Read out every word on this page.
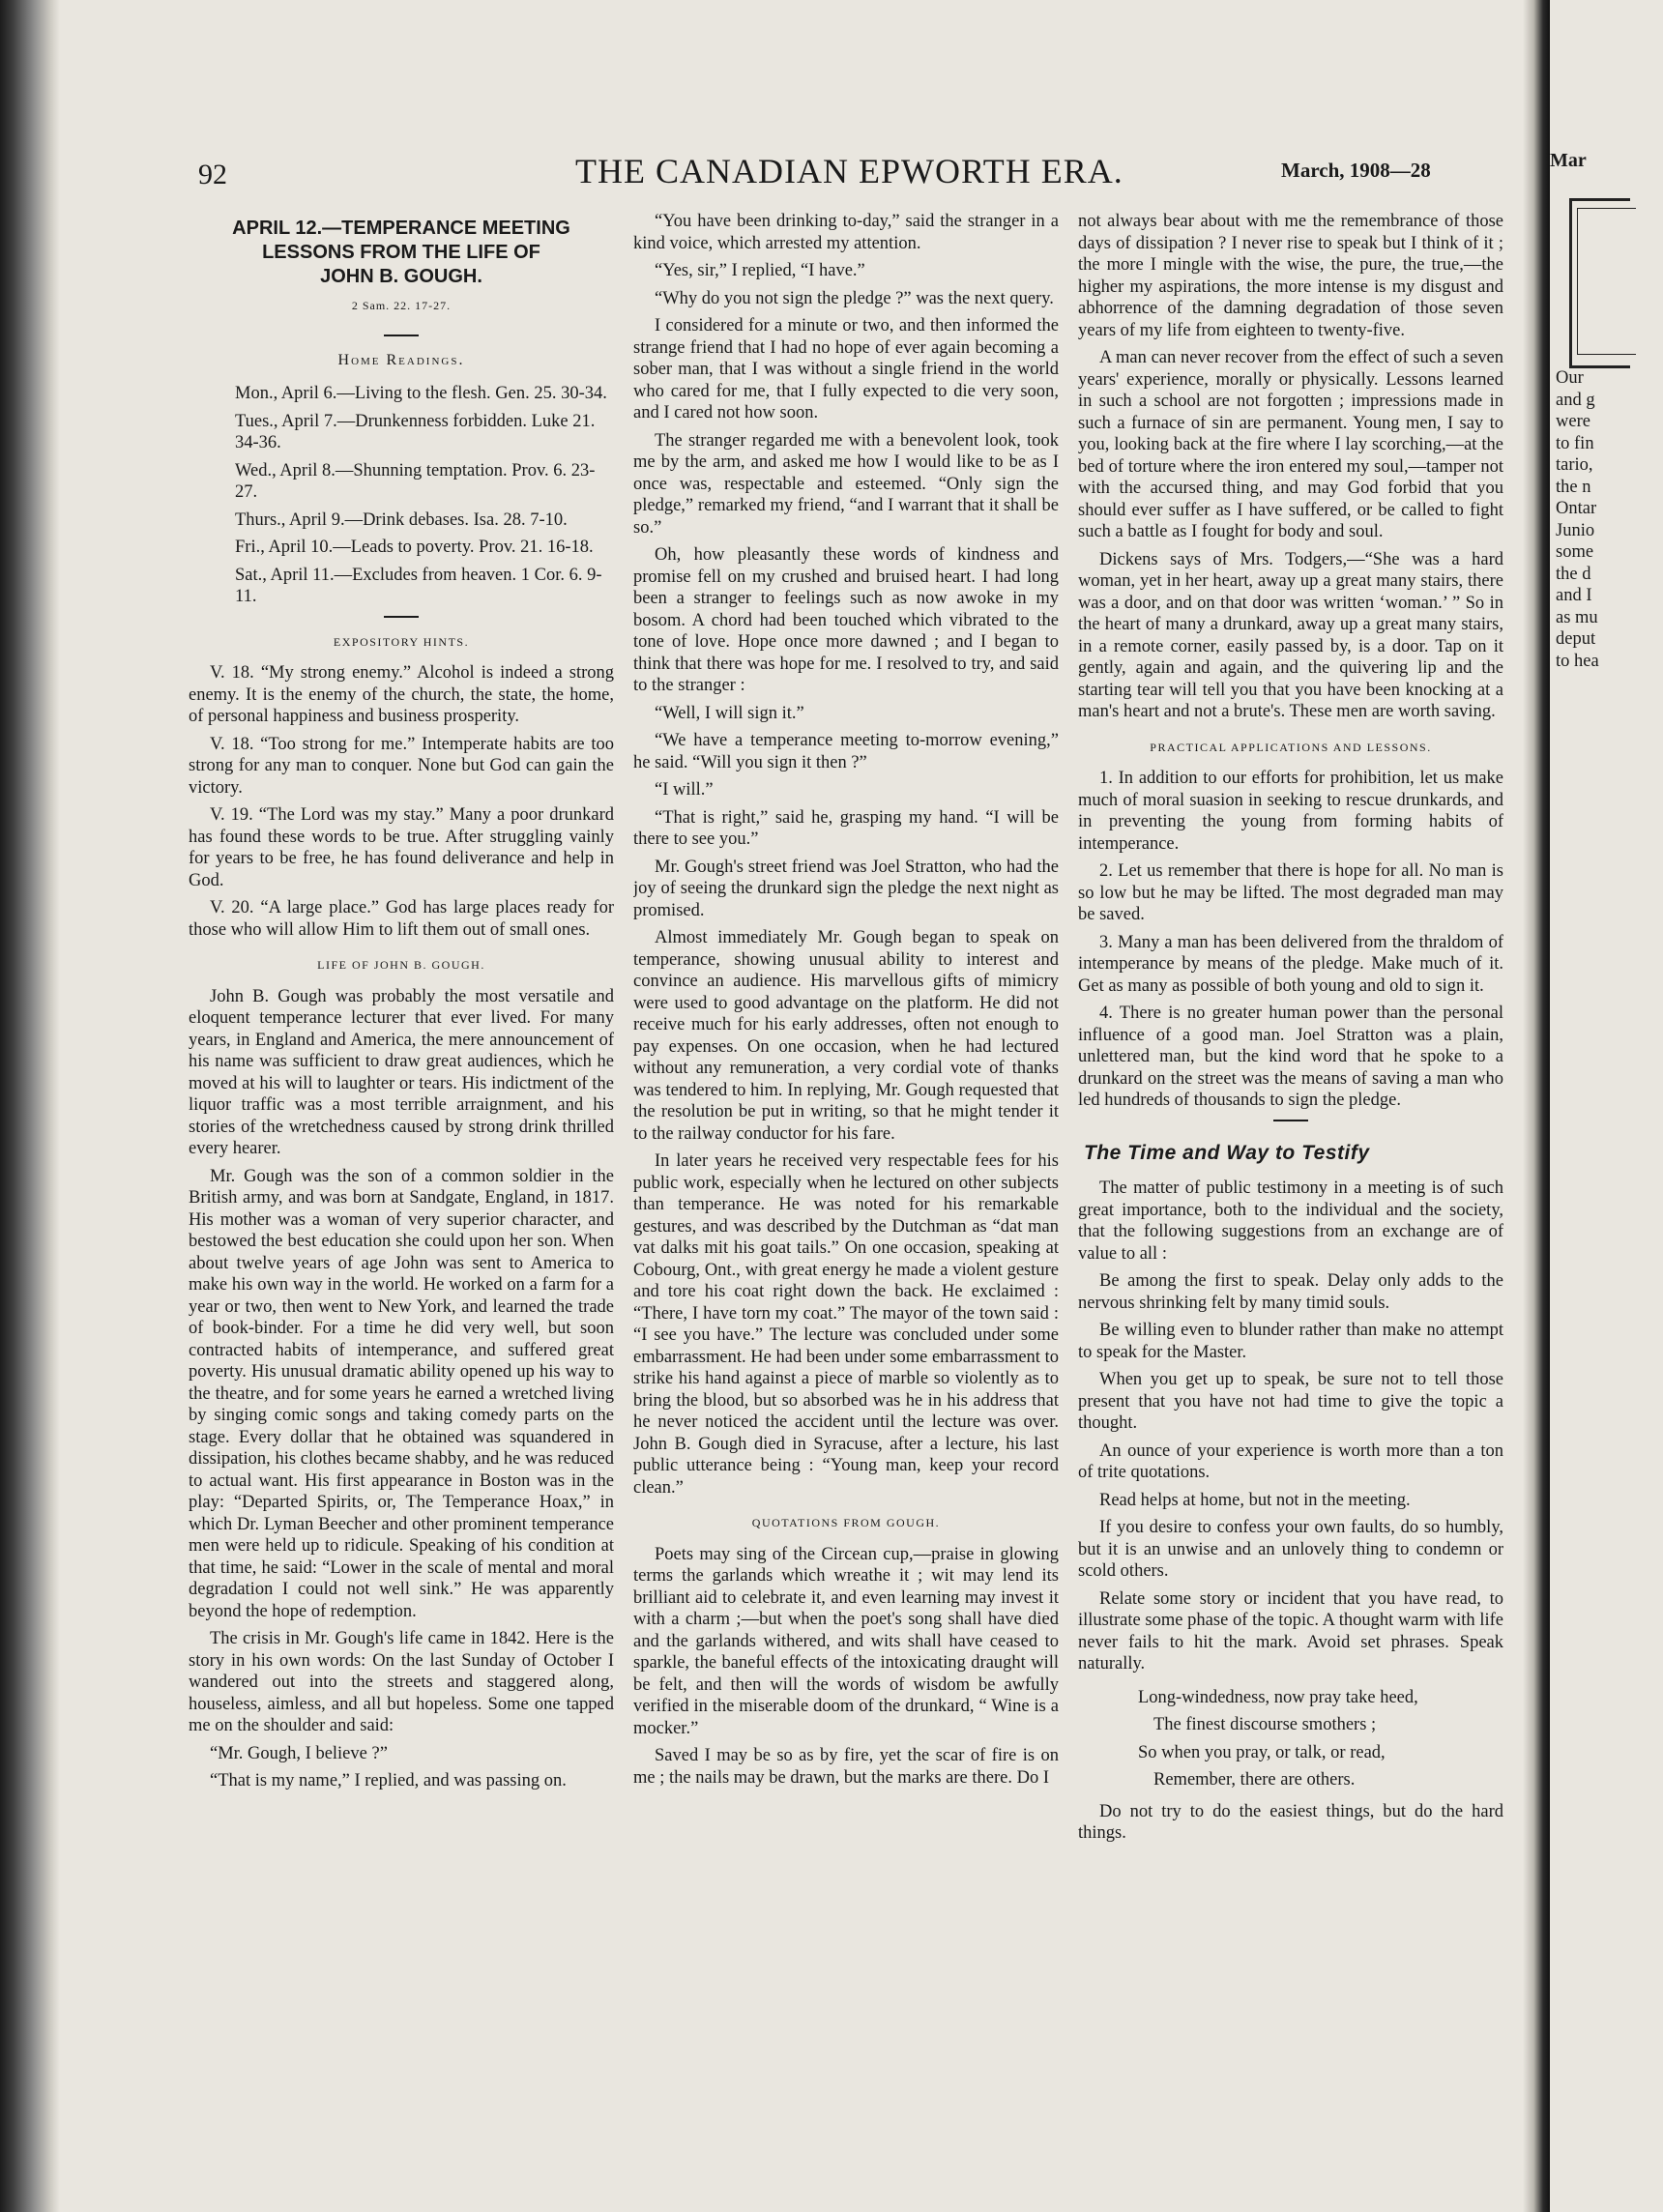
92	THE CANADIAN EPWORTH ERA.	March, 1908—28
APRIL 12.—TEMPERANCE MEETING
LESSONS FROM THE LIFE OF
JOHN B. GOUGH.
2 Sam. 22. 17-27.
Home Readings.

Mon., April 6.—Living to the flesh. Gen. 25. 30-34.

Tues., April 7.—Drunkenness forbidden. Luke 21. 34-36.

Wed., April 8.—Shunning temptation. Prov. 6. 23-27.

Thurs., April 9.—Drink debases. Isa. 28. 7-10.

Fri., April 10.—Leads to poverty. Prov. 21. 16-18.

Sat., April 11.—Excludes from heaven. 1 Cor. 6. 9-11.

EXPOSITORY HINTS.

V. 18. “My strong enemy.” Alcohol is indeed a strong enemy. It is the enemy of the church, the state, the home, of personal happiness and business prosperity.

V. 18. “Too strong for me.” Intemperate habits are too strong for any man to conquer. None but God can gain the victory.

V. 19. “The Lord was my stay.” Many a poor drunkard has found these words to be true. After struggling vainly for years to be free, he has found deliverance and help in God.

V. 20. “A large place.” God has large places ready for those who will allow Him to lift them out of small ones.

LIFE OF JOHN B. GOUGH.

John B. Gough was probably the most versatile and eloquent temperance lecturer that ever lived. For many years, in England and America, the mere announcement of his name was sufficient to draw great audiences, which he moved at his will to laughter or tears. His indictment of the liquor traffic was a most terrible arraignment, and his stories of the wretchedness caused by strong drink thrilled every hearer.

Mr. Gough was the son of a common soldier in the British army, and was born at Sandgate, England, in 1817. His mother was a woman of very superior character, and bestowed the best education she could upon her son. When about twelve years of age John was sent to America to make his own way in the world. He worked on a farm for a year or two, then went to New York, and learned the trade of book-binder. For a time he did very well, but soon contracted habits of intemperance, and suffered great poverty. His unusual dramatic ability opened up his way to the theatre, and for some years he earned a wretched living by singing comic songs and taking comedy parts on the stage. Every dollar that he obtained was squandered in dissipation, his clothes became shabby, and he was reduced to actual want. His first appearance in Boston was in the play: “Departed Spirits, or, The Temperance Hoax,” in which Dr. Lyman Beecher and other prominent temperance men were held up to ridicule. Speaking of his condition at that time, he said: “Lower in the scale of mental and moral degradation I could not well sink.” He was apparently beyond the hope of redemption.

The crisis in Mr. Gough's life came in 1842. Here is the story in his own words: On the last Sunday of October I wandered out into the streets and staggered along, houseless, aimless, and all but hopeless. Some one tapped me on the shoulder and said:

“Mr. Gough, I believe ?”

“That is my name,” I replied, and was passing on.

“You have been drinking to-day,” said the stranger in a kind voice, which arrested my attention.

“Yes, sir,” I replied, “I have.”

“Why do you not sign the pledge ?” was the next query.

I considered for a minute or two, and then informed the strange friend that I had no hope of ever again becoming a sober man, that I was without a single friend in the world who cared for me, that I fully expected to die very soon, and I cared not how soon.

The stranger regarded me with a benevolent look, took me by the arm, and asked me how I would like to be as I once was, respectable and esteemed. “Only sign the pledge,” remarked my friend, “and I warrant that it shall be so.”

Oh, how pleasantly these words of kindness and promise fell on my crushed and bruised heart. I had long been a stranger to feelings such as now awoke in my bosom. A chord had been touched which vibrated to the tone of love. Hope once more dawned ; and I began to think that there was hope for me. I resolved to try, and said to the stranger :

“Well, I will sign it.”

“We have a temperance meeting to-morrow evening,” he said. “Will you sign it then ?”

“I will.”

“That is right,” said he, grasping my hand. “I will be there to see you.”

Mr. Gough's street friend was Joel Stratton, who had the joy of seeing the drunkard sign the pledge the next night as promised.

Almost immediately Mr. Gough began to speak on temperance, showing unusual ability to interest and convince an audience. His marvellous gifts of mimicry were used to good advantage on the platform. He did not receive much for his early addresses, often not enough to pay expenses. On one occasion, when he had lectured without any remuneration, a very cordial vote of thanks was tendered to him. In replying, Mr. Gough requested that the resolution be put in writing, so that he might tender it to the railway conductor for his fare.

In later years he received very respectable fees for his public work, especially when he lectured on other subjects than temperance. He was noted for his remarkable gestures, and was described by the Dutchman as “dat man vat dalks mit his goat tails.” On one occasion, speaking at Cobourg, Ont., with great energy he made a violent gesture and tore his coat right down the back. He exclaimed : “There, I have torn my coat.” The mayor of the town said : “I see you have.” The lecture was concluded under some embarrassment. He had been under some embarrassment to strike his hand against a piece of marble so violently as to bring the blood, but so absorbed was he in his address that he never noticed the accident until the lecture was over. John B. Gough died in Syracuse, after a lecture, his last public utterance being : “Young man, keep your record clean.”

QUOTATIONS FROM GOUGH.

Poets may sing of the Circean cup,—praise in glowing terms the garlands which wreathe it ; wit may lend its brilliant aid to celebrate it, and even learning may invest it with a charm ;—but when the poet's song shall have died and the garlands withered, and wits shall have ceased to sparkle, the baneful effects of the intoxicating draught will be felt, and then will the words of wisdom be awfully verified in the miserable doom of the drunkard, “ Wine is a mocker.”

Saved I may be so as by fire, yet the scar of fire is on me ; the nails may be drawn, but the marks are there. Do I

not always bear about with me the remembrance of those days of dissipation ? I never rise to speak but I think of it ; the more I mingle with the wise, the pure, the true,—the higher my aspirations, the more intense is my disgust and abhorrence of the damning degradation of those seven years of my life from eighteen to twenty-five.

A man can never recover from the effect of such a seven years' experience, morally or physically. Lessons learned in such a school are not forgotten ; impressions made in such a furnace of sin are permanent. Young men, I say to you, looking back at the fire where I lay scorching,—at the bed of torture where the iron entered my soul,—tamper not with the accursed thing, and may God forbid that you should ever suffer as I have suffered, or be called to fight such a battle as I fought for body and soul.

Dickens says of Mrs. Todgers,—“She was a hard woman, yet in her heart, away up a great many stairs, there was a door, and on that door was written ‘woman.’ ” So in the heart of many a drunkard, away up a great many stairs, in a remote corner, easily passed by, is a door. Tap on it gently, again and again, and the quivering lip and the starting tear will tell you that you have been knocking at a man's heart and not a brute's. These men are worth saving.

PRACTICAL APPLICATIONS AND LESSONS.

1. In addition to our efforts for prohibition, let us make much of moral suasion in seeking to rescue drunkards, and in preventing the young from forming habits of intemperance.

2. Let us remember that there is hope for all. No man is so low but he may be lifted. The most degraded man may be saved.

3. Many a man has been delivered from the thraldom of intemperance by means of the pledge. Make much of it. Get as many as possible of both young and old to sign it.

4. There is no greater human power than the personal influence of a good man. Joel Stratton was a plain, unlettered man, but the kind word that he spoke to a drunkard on the street was the means of saving a man who led hundreds of thousands to sign the pledge.

The Time and Way to Testify

The matter of public testimony in a meeting is of such great importance, both to the individual and the society, that the following suggestions from an exchange are of value to all :

Be among the first to speak. Delay only adds to the nervous shrinking felt by many timid souls.

Be willing even to blunder rather than make no attempt to speak for the Master.

When you get up to speak, be sure not to tell those present that you have not had time to give the topic a thought.

An ounce of your experience is worth more than a ton of trite quotations.

Read helps at home, but not in the meeting.

If you desire to confess your own faults, do so humbly, but it is an unwise and an unlovely thing to condemn or scold others.

Relate some story or incident that you have read, to illustrate some phase of the topic. A thought warm with life never fails to hit the mark. Avoid set phrases. Speak naturally.

Long-windedness, now pray take heed,

The finest discourse smothers ;

So when you pray, or talk, or read,

Remember, there are others.

Do not try to do the easiest things, but do the hard things.

Mar
Our
and g
were
to fin
tario,
the n
Ontar
Junio
some
the d
and I
as mu
deput
to hea
